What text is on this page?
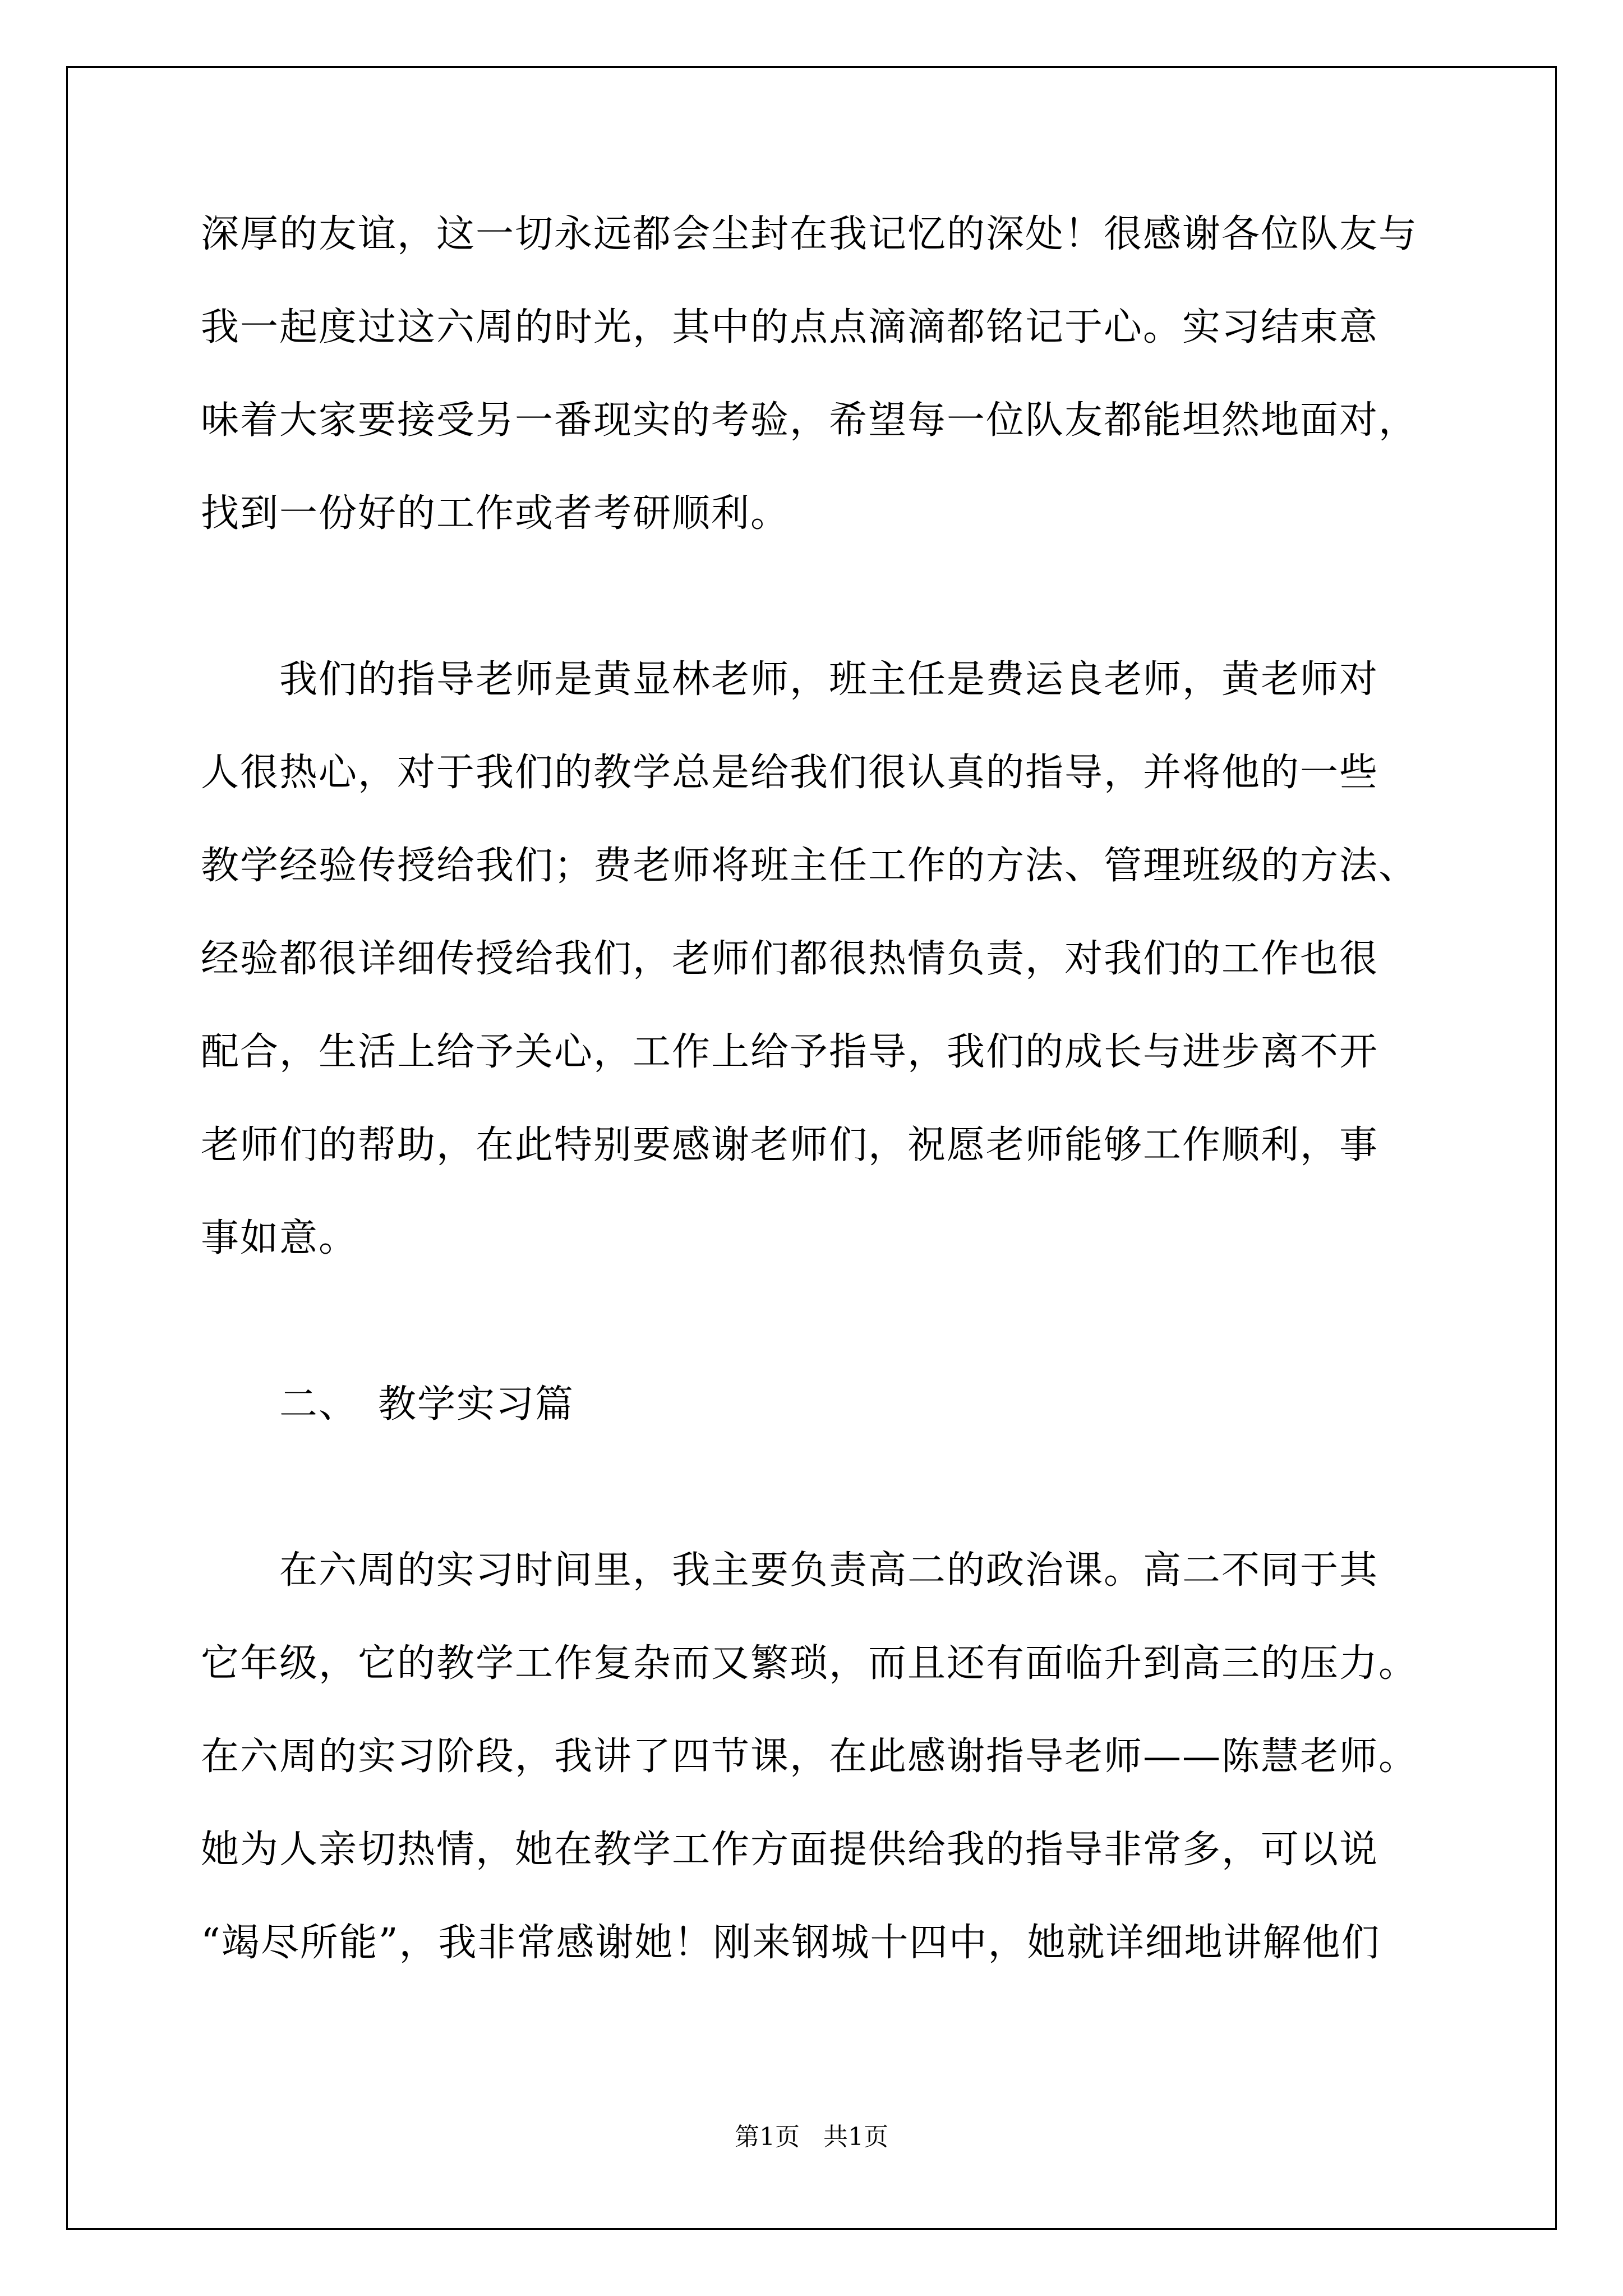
深厚的友谊，这一切永远都会尘封在我记忆的深处！很感谢各位队友与
我一起度过这六周的时光，其中的点点滴滴都铭记于心。实习结束意
味着大家要接受另一番现实的考验，希望每一位队友都能坦然地面对，
找到一份好的工作或者考研顺利。
　　我们的指导老师是黄显林老师，班主任是费运良老师，黄老师对
人很热心，对于我们的教学总是给我们很认真的指导，并将他的一些
教学经验传授给我们；费老师将班主任工作的方法、管理班级的方法、
经验都很详细传授给我们，老师们都很热情负责，对我们的工作也很
配合，生活上给予关心，工作上给予指导，我们的成长与进步离不开
老师们的帮助，在此特别要感谢老师们，祝愿老师能够工作顺利，事
事如意。
　　二、　教学实习篇
　　在六周的实习时间里，我主要负责高二的政治课。高二不同于其
它年级，它的教学工作复杂而又繁琐，而且还有面临升到高三的压力。
在六周的实习阶段，我讲了四节课，在此感谢指导老师——陈慧老师。
她为人亲切热情，她在教学工作方面提供给我的指导非常多，可以说
“竭尽所能”，我非常感谢她！刚来钢城十四中，她就详细地讲解他们
第1页   共1页
